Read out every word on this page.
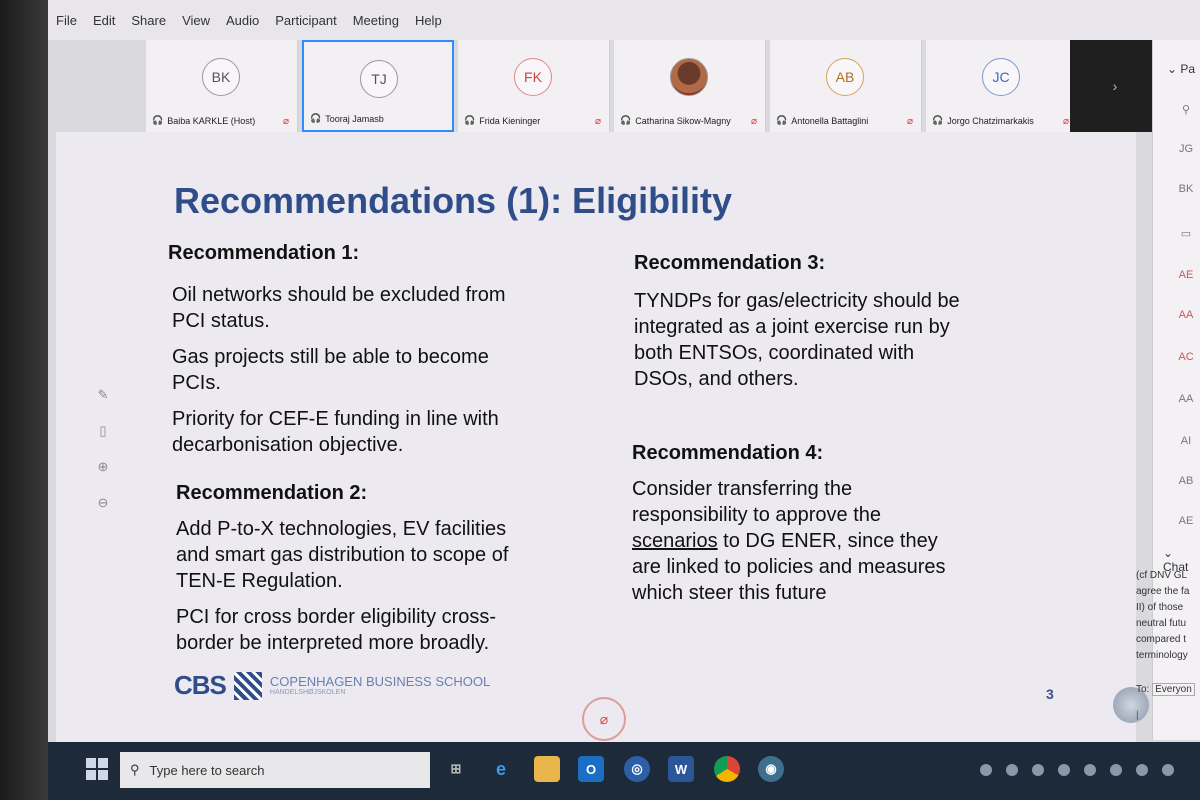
File Edit Share View Audio Participant Meeting Help
BK
🎧 Baiba KARKLE (Host)	⌀
TJ
🎧 Tooraj Jamasb
FK
🎧 Frida Kieninger	⌀ 🎧 Catharina Sikow-Magny ⌀
AB
🎧 Antonella Battaglini	⌀
JC
🎧 Jorgo Chatzimarkakis	⌀
›
Recommendations (1): Eligibility
Recommendation 1:
Oil networks should be excluded from
PCI status.
Gas projects still be able to become
PCIs.
Priority for CEF-E funding in line with
decarbonisation objective.
Recommendation 2:
Add P-to-X technologies, EV facilities
and smart gas distribution to scope of
TEN-E Regulation.
PCI for cross border eligibility cross-
border be interpreted more broadly.
Recommendation 3:
TYNDPs for gas/electricity should be
integrated as a joint exercise run by
both ENTSOs, coordinated with
DSOs, and others.
Recommendation 4:
Consider transferring the
responsibility to approve the
scenarios to DG ENER, since they
are linked to policies and measures
which steer this future
✎
▯
⊕
⊖
CBS	COPENHAGEN BUSINESS SCHOOL
HANDELSHØJSKOLEN	3
⌀
⌄ Pa
⚲
JG
BK
▭
AE
AA
AC
AA
AI
AB
AE
⌄ Chat
(cf DNV GL
agree the fa
II) of those
neutral futu
compared t
terminology
To: Everyon
|
⚲ Type here to search	⊞	e	O	◎	W	◉
